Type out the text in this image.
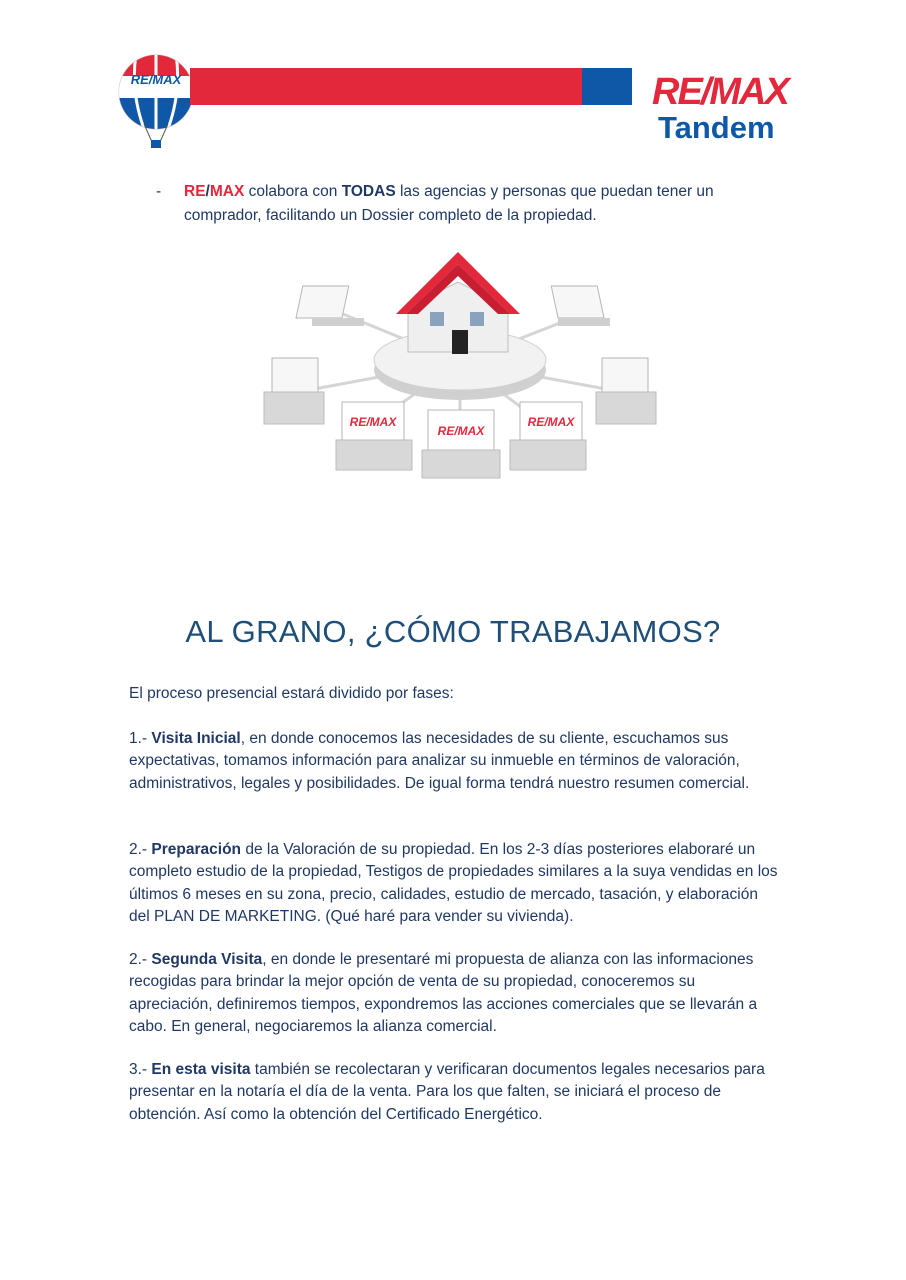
RE/MAX	RE/MAX
Tandem
- RE/MAX colabora con TODAS las agencias y personas que puedan tener un comprador, facilitando un Dossier completo de la propiedad.
RE/MAX
RE/MAX
RE/MAX
AL GRANO, ¿CÓMO TRABAJAMOS?
El proceso presencial estará dividido por fases:
1.- Visita Inicial, en donde conocemos las necesidades de su cliente, escuchamos sus expectativas, tomamos información para analizar su inmueble en términos de valoración, administrativos, legales y posibilidades. De igual forma tendrá nuestro resumen comercial.
2.- Preparación de la Valoración de su propiedad. En los 2-3 días posteriores elaboraré un completo estudio de la propiedad, Testigos de propiedades similares a la suya vendidas en los últimos 6 meses en su zona, precio, calidades, estudio de mercado, tasación, y elaboración del PLAN DE MARKETING. (Qué haré para vender su vivienda).
2.- Segunda Visita, en donde le presentaré mi propuesta de alianza con las informaciones recogidas para brindar la mejor opción de venta de su propiedad, conoceremos su apreciación, definiremos tiempos, expondremos las acciones comerciales que se llevarán a cabo. En general, negociaremos la alianza comercial.
3.- En esta visita también se recolectaran y verificaran documentos legales necesarios para presentar en la notaría el día de la venta. Para los que falten, se iniciará el proceso de obtención. Así como la obtención del Certificado Energético.
